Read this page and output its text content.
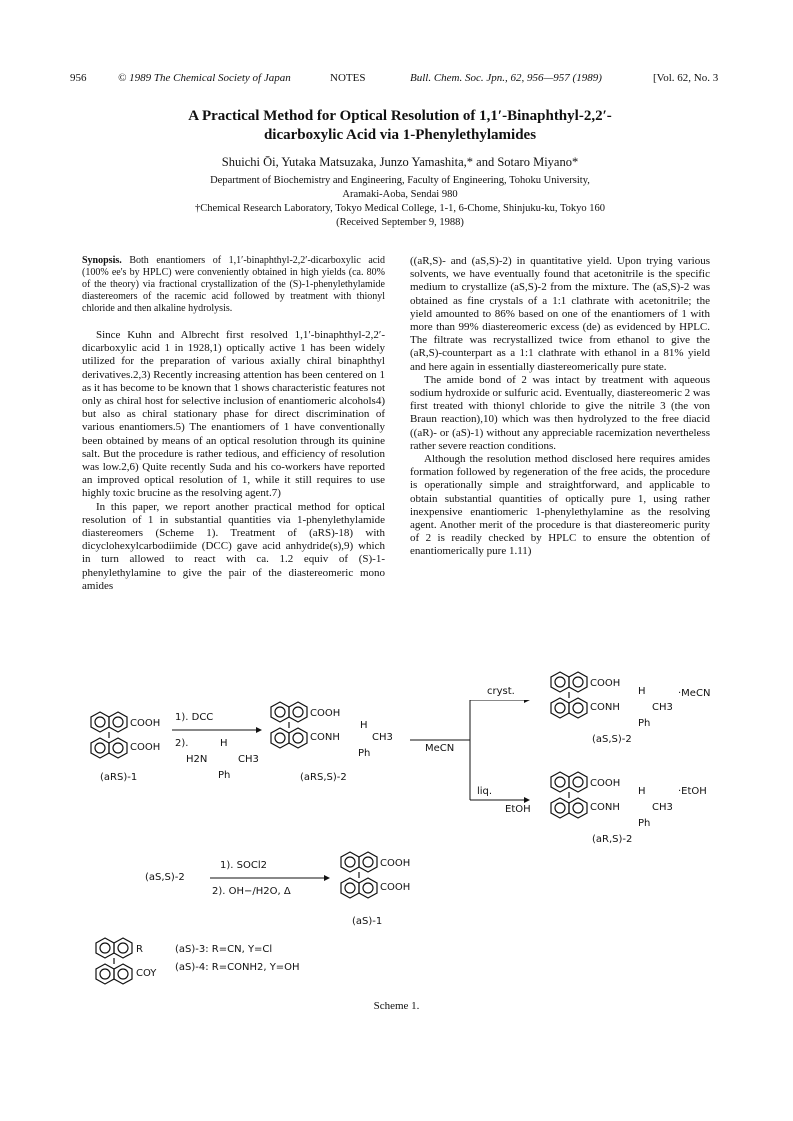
956	© 1989 The Chemical Society of Japan	NOTES	Bull. Chem. Soc. Jpn., 62, 956—957 (1989)	[Vol. 62, No. 3
A Practical Method for Optical Resolution of 1,1′-Binaphthyl-2,2′-
dicarboxylic Acid via 1-Phenylethylamides
Shuichi Ōi, Yutaka Matsuzaka, Junzo Yamashita,* and Sotaro Miyano*
Department of Biochemistry and Engineering, Faculty of Engineering, Tohoku University,
Aramaki-Aoba, Sendai 980
†Chemical Research Laboratory, Tokyo Medical College, 1-1, 6-Chome, Shinjuku-ku, Tokyo 160
(Received September 9, 1988)

Synopsis. Both enantiomers of 1,1′-binaphthyl-2,2′-dicarboxylic acid (100% ee's by HPLC) were conveniently obtained in high yields (ca. 80% of the theory) via fractional crystallization of the (S)-1-phenylethylamide diastereomers of the racemic acid followed by treatment with thionyl chloride and then alkaline hydrolysis.

Since Kuhn and Albrecht first resolved 1,1′-binaphthyl-2,2′-dicarboxylic acid 1 in 1928,1) optically active 1 has been widely utilized for the preparation of various axially chiral binaphthyl derivatives.2,3) Recently increasing attention has been centered on 1 as it has become to be known that 1 shows characteristic features not only as chiral host for selective inclusion of enantiomeric alcohols4) but also as chiral stationary phase for direct discrimination of various enantiomers.5) The enantiomers of 1 have conventionally been obtained by means of an optical resolution through its quinine salt. But the procedure is rather tedious, and efficiency of resolution was low.2,6) Quite recently Suda and his co-workers have reported an improved optical resolution of 1, while it still requires to use highly toxic brucine as the resolving agent.7)

In this paper, we report another practical method for optical resolution of 1 in substantial quantities via 1-phenylethylamide diastereomers (Scheme 1). Treatment of (aRS)-18) with dicyclohexylcarbodiimide (DCC) gave acid anhydride(s),9) which in turn allowed to react with ca. 1.2 equiv of (S)-1-phenylethylamine to give the pair of the diastereomeric mono amides

((aR,S)- and (aS,S)-2) in quantitative yield. Upon trying various solvents, we have eventually found that acetonitrile is the specific medium to crystallize (aS,S)-2 from the mixture. The (aS,S)-2 was obtained as fine crystals of a 1:1 clathrate with acetonitrile; the yield amounted to 86% based on one of the enantiomers of 1 with more than 99% diastereomeric excess (de) as evidenced by HPLC. The filtrate was recrystallized twice from ethanol to give the (aR,S)-counterpart as a 1:1 clathrate with ethanol in a 81% yield and here again in essentially diastereomerically pure state.

The amide bond of 2 was intact by treatment with aqueous sodium hydroxide or sulfuric acid. Eventually, diastereomeric 2 was first treated with thionyl chloride to give the nitrile 3 (the von Braun reaction),10) which was then hydrolyzed to the free diacid ((aR)- or (aS)-1) without any appreciable racemization nevertheless rather severe reaction conditions.

Although the resolution method disclosed here requires amides formation followed by regeneration of the free acids, the procedure is operationally simple and straightforward, and applicable to obtain substantial quantities of optically pure 1, using rather inexpensive enantiomeric 1-phenylethylamine as the resolving agent. Another merit of the procedure is that diastereomeric purity of 2 is readily checked by HPLC to ensure the obtention of enantiomerically pure 1.11)

COOH
COOH
(aRS)-1
1). DCC
2).	H
H2N	CH3
Ph
COOH
H
CONH	CH3
Ph
(aRS,S)-2
MeCN
cryst.
liq.
EtOH
COOH
H
CONH	CH3
Ph
·MeCN
(aS,S)-2
COOH
H
CONH	CH3
Ph
·EtOH
(aR,S)-2
(aS,S)-2
1). SOCl2
2). OH−/H2O, Δ
COOH
COOH
(aS)-1
R
COY
(aS)-3: R=CN, Y=Cl
(aS)-4: R=CONH2, Y=OH
Scheme 1.
